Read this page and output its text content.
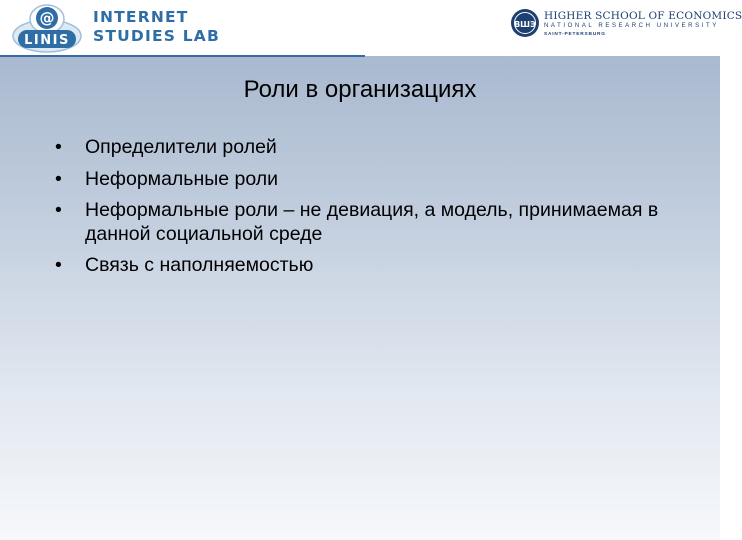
@
LINIS
INTERNET
STUDIES LAB
ВШЭ
HIGHER SCHOOL OF ECONOMICS
NATIONAL RESEARCH UNIVERSITY
SAINT-PETERSBURG
Роли в организациях
•	Определители ролей
•	Неформальные роли
•	Неформальные роли – не девиация, а модель, принимаемая в данной социальной среде
•	Связь с наполняемостью
